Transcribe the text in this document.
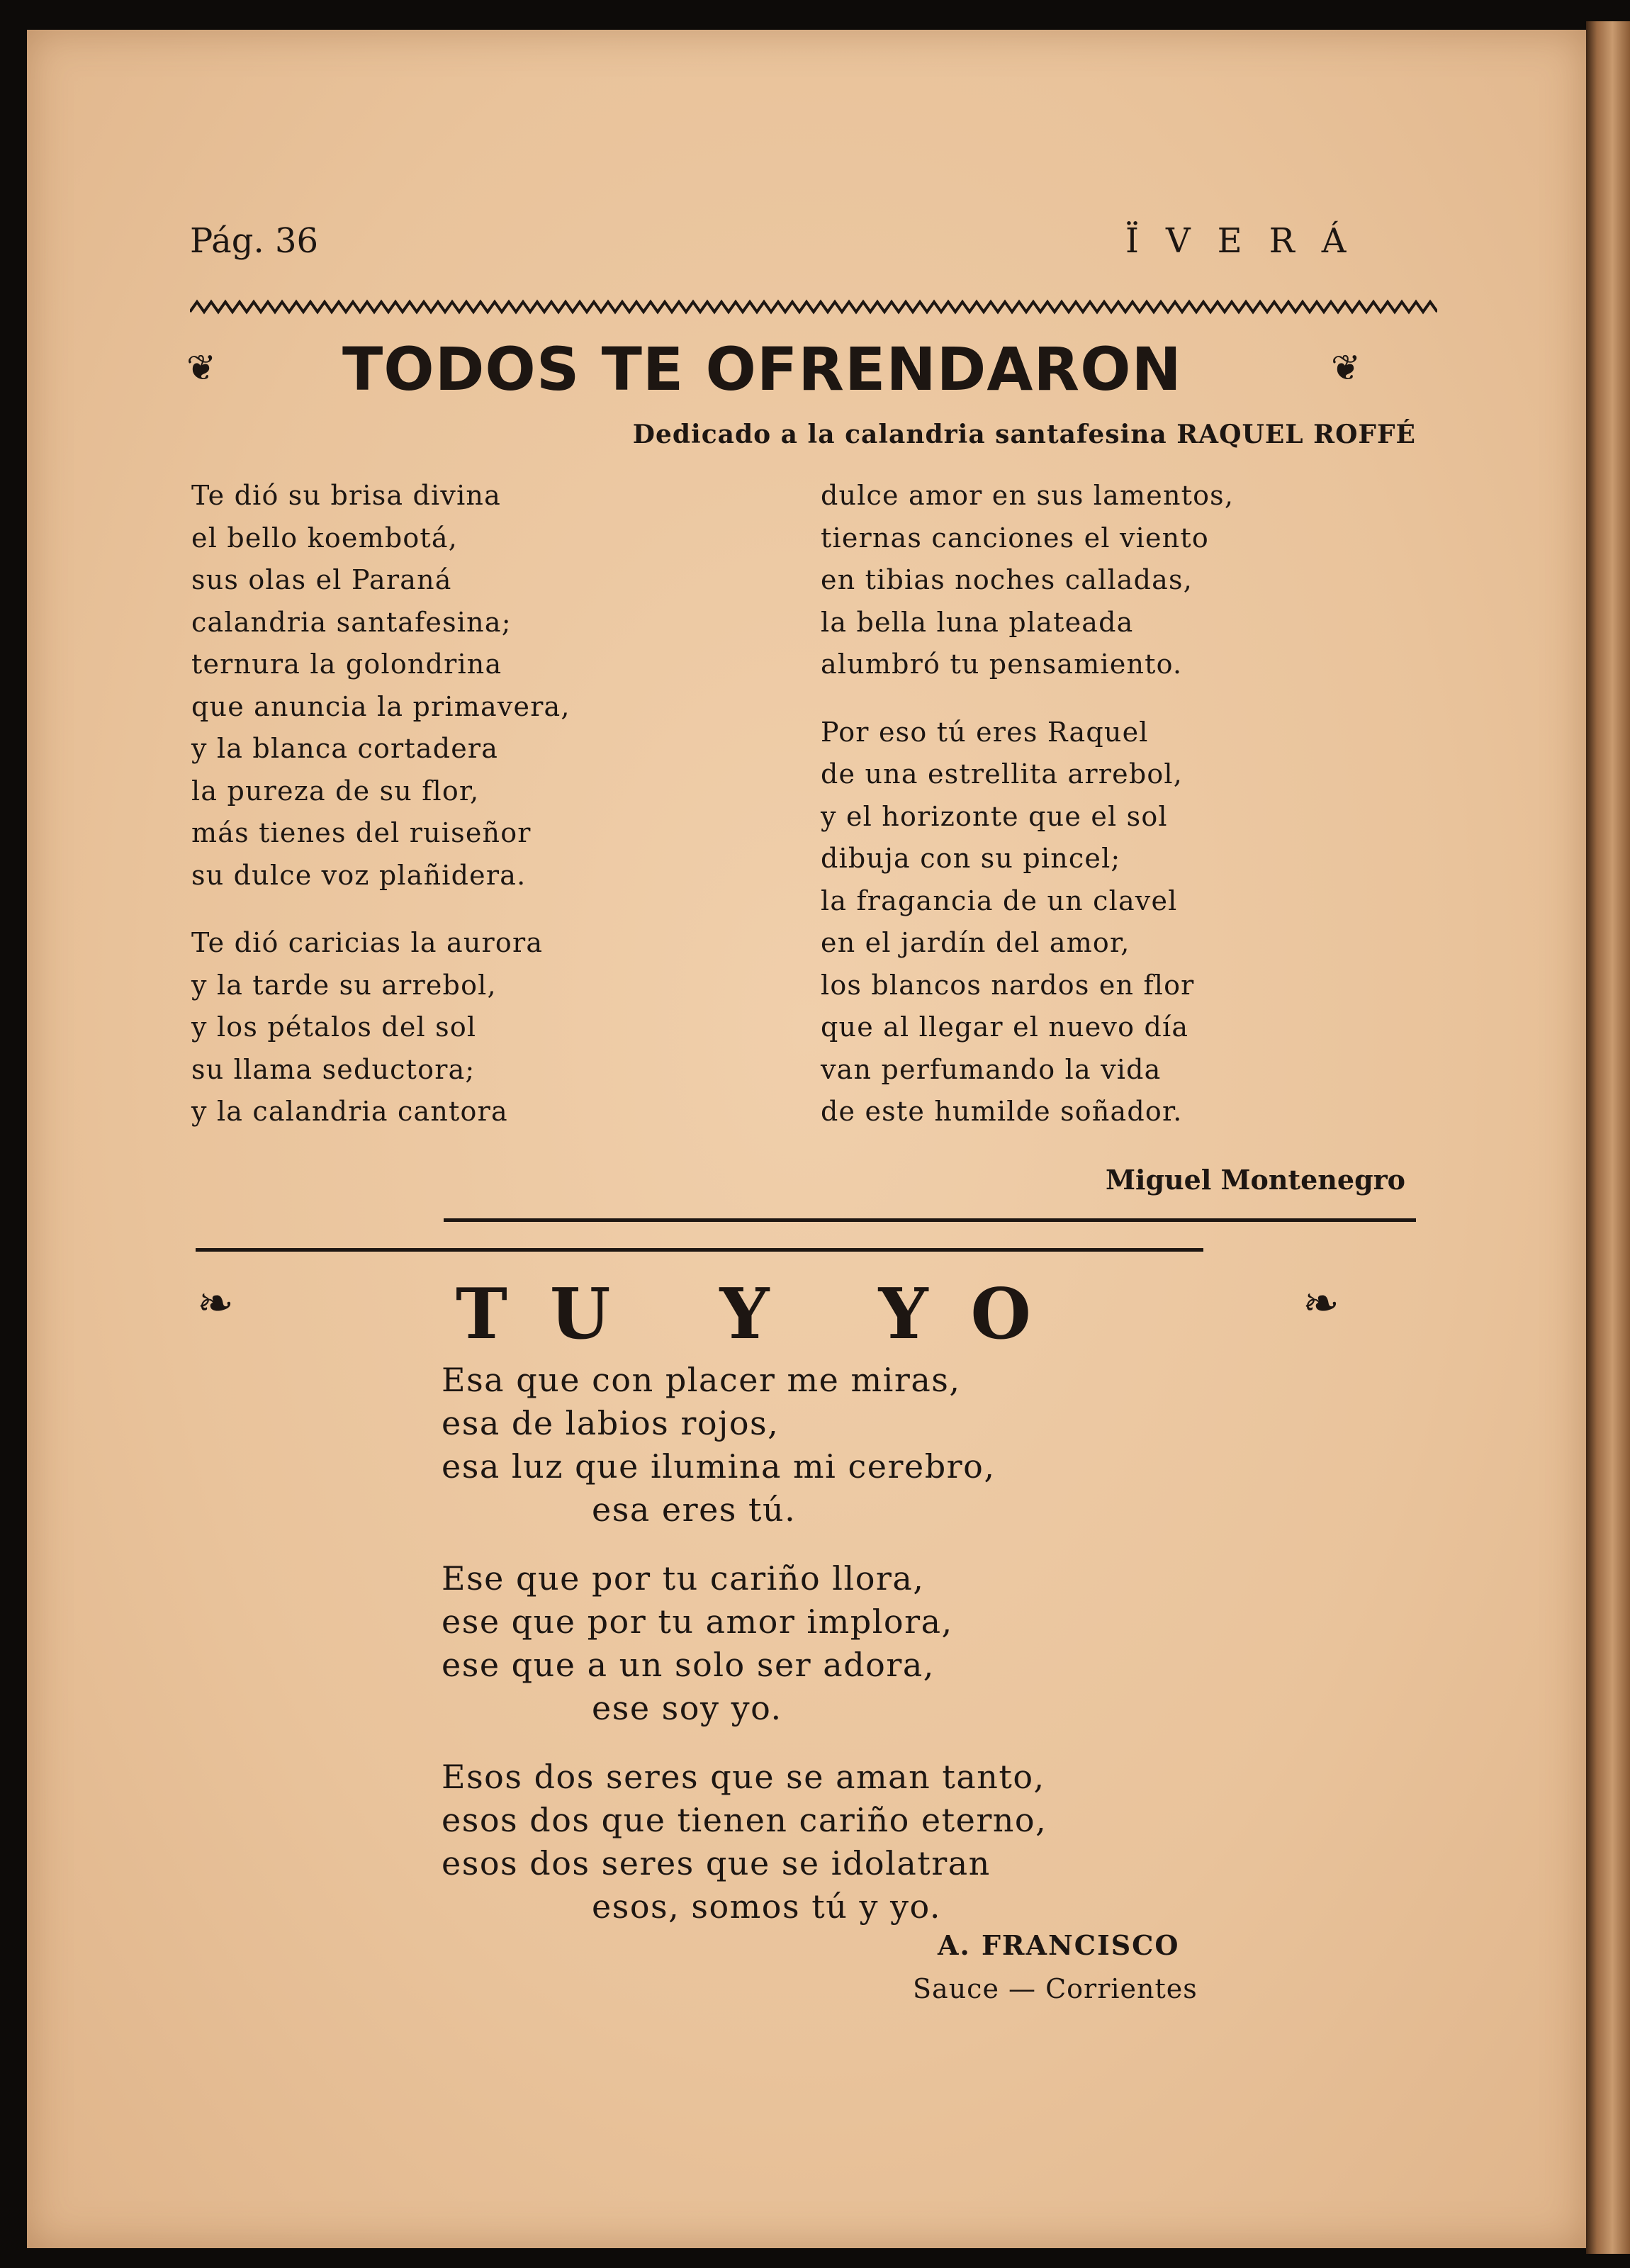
Pág. 36	ÏVERÁ
❦ TODOS TE OFRENDARON	❦
Dedicado a la calandria santafesina RAQUEL ROFFÉ
Te dió su brisa divina
el bello koembotá,
sus olas el Paraná
calandria santafesina;
ternura la golondrina
que anuncia la primavera,
y la blanca cortadera
la pureza de su flor,
más tienes del ruiseñor
su dulce voz plañidera.
Te dió caricias la aurora
y la tarde su arrebol,
y los pétalos del sol
su llama seductora;
y la calandria cantora
dulce amor en sus lamentos,
tiernas canciones el viento
en tibias noches calladas,
la bella luna plateada
alumbró tu pensamiento.
Por eso tú eres Raquel
de una estrellita arrebol,
y el horizonte que el sol
dibuja con su pincel;
la fragancia de un clavel
en el jardín del amor,
los blancos nardos en flor
que al llegar el nuevo día
van perfumando la vida
de este humilde soñador.
Miguel Montenegro
❧	TU Y YO	❧
Esa que con placer me miras,
esa de labios rojos,
esa luz que ilumina mi cerebro,
esa eres tú.
Ese que por tu cariño llora,
ese que por tu amor implora,
ese que a un solo ser adora,
ese soy yo.
Esos dos seres que se aman tanto,
esos dos que tienen cariño eterno,
esos dos seres que se idolatran
esos, somos tú y yo.
A. FRANCISCO
Sauce — Corrientes
